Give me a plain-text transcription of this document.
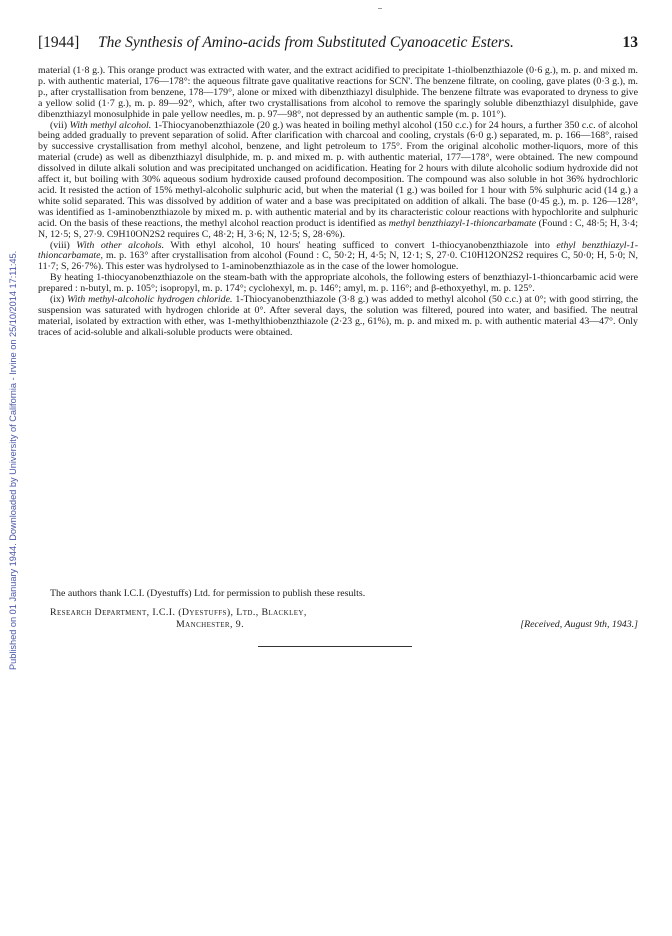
Published on 01 January 1944. Downloaded by University of California - Irvine on 25/10/2014 17:11:45.
[1944] The Synthesis of Amino-acids from Substituted Cyanoacetic Esters.	13

material (1·8 g.). This orange product was extracted with water, and the extract acidified to precipitate 1-thiolbenzthiazole (0·6 g.), m. p. and mixed m. p. with authentic material, 176—178°: the aqueous filtrate gave qualitative reactions for SCN'. The benzene filtrate, on cooling, gave plates (0·3 g.), m. p., after crystallisation from benzene, 178—179°, alone or mixed with dibenzthiazyl disulphide. The benzene filtrate was evaporated to dryness to give a yellow solid (1·7 g.), m. p. 89—92°, which, after two crystallisations from alcohol to remove the sparingly soluble dibenzthiazyl disulphide, gave dibenzthiazyl monosulphide in pale yellow needles, m. p. 97—98°, not depressed by an authentic sample (m. p. 101°).

(vii) With methyl alcohol. 1-Thiocyanobenzthiazole (20 g.) was heated in boiling methyl alcohol (150 c.c.) for 24 hours, a further 350 c.c. of alcohol being added gradually to prevent separation of solid. After clarification with charcoal and cooling, crystals (6·0 g.) separated, m. p. 166—168°, raised by successive crystallisation from methyl alcohol, benzene, and light petroleum to 175°. From the original alcoholic mother-liquors, more of this material (crude) as well as dibenzthiazyl disulphide, m. p. and mixed m. p. with authentic material, 177—178°, were obtained. The new compound dissolved in dilute alkali solution and was precipitated unchanged on acidification. Heating for 2 hours with dilute alcoholic sodium hydroxide did not affect it, but boiling with 30% aqueous sodium hydroxide caused profound decomposition. The compound was also soluble in hot 36% hydrochloric acid. It resisted the action of 15% methyl-alcoholic sulphuric acid, but when the material (1 g.) was boiled for 1 hour with 5% sulphuric acid (14 g.) a white solid separated. This was dissolved by addition of water and a base was precipitated on addition of alkali. The base (0·45 g.), m. p. 126—128°, was identified as 1-aminobenzthiazole by mixed m. p. with authentic material and by its characteristic colour reactions with hypochlorite and sulphuric acid. On the basis of these reactions, the methyl alcohol reaction product is identified as methyl benzthiazyl-1-thioncarbamate (Found : C, 48·5; H, 3·4; N, 12·5; S, 27·9. C9H10ON2S2 requires C, 48·2; H, 3·6; N, 12·5; S, 28·6%).

(viii) With other alcohols. With ethyl alcohol, 10 hours' heating sufficed to convert 1-thiocyanobenzthiazole into ethyl benzthiazyl-1-thioncarbamate, m. p. 163° after crystallisation from alcohol (Found : C, 50·2; H, 4·5; N, 12·1; S, 27·0. C10H12ON2S2 requires C, 50·0; H, 5·0; N, 11·7; S, 26·7%). This ester was hydrolysed to 1-aminobenzthiazole as in the case of the lower homologue.

By heating 1-thiocyanobenzthiazole on the steam-bath with the appropriate alcohols, the following esters of benzthiazyl-1-thioncarbamic acid were prepared : n-butyl, m. p. 105°; isopropyl, m. p. 174°; cyclohexyl, m. p. 146°; amyl, m. p. 116°; and β-ethoxyethyl, m. p. 125°.

(ix) With methyl-alcoholic hydrogen chloride. 1-Thiocyanobenzthiazole (3·8 g.) was added to methyl alcohol (50 c.c.) at 0°; with good stirring, the suspension was saturated with hydrogen chloride at 0°. After several days, the solution was filtered, poured into water, and basified. The neutral material, isolated by extraction with ether, was 1-methylthiobenzthiazole (2·23 g., 61%), m. p. and mixed m. p. with authentic material 43—47°. Only traces of acid-soluble and alkali-soluble products were obtained.

The authors thank I.C.I. (Dyestuffs) Ltd. for permission to publish these results.

Research Department, I.C.I. (Dyestuffs), Ltd., Blackley,
Manchester, 9.	[Received, August 9th, 1943.]
